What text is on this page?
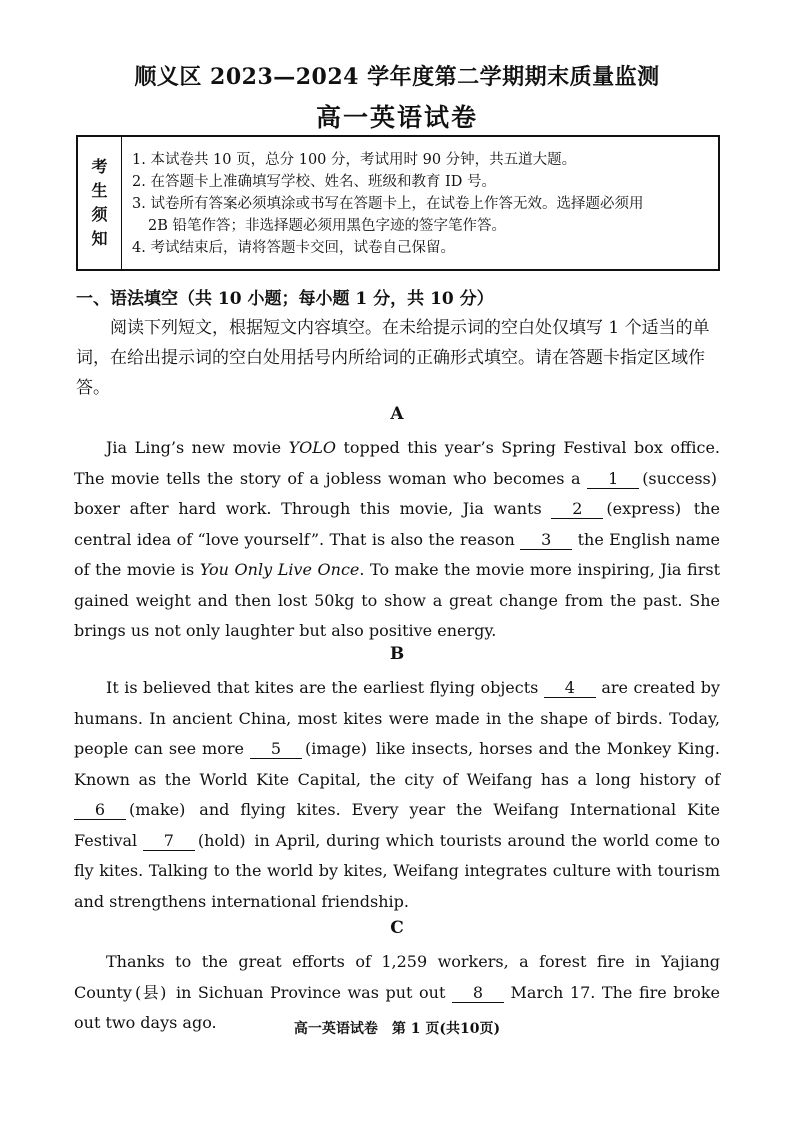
顺义区 2023—2024 学年度第二学期期末质量监测
高一英语试卷
考
生
须
知
1. 本试卷共 10 页，总分 100 分，考试用时 90 分钟，共五道大题。
2. 在答题卡上准确填写学校、姓名、班级和教育 ID 号。
3. 试卷所有答案必须填涂或书写在答题卡上，在试卷上作答无效。选择题必须用
2B 铅笔作答；非选择题必须用黑色字迹的签字笔作答。
4. 考试结束后，请将答题卡交回，试卷自己保留。
一、语法填空（共 10 小题；每小题 1 分，共 10 分）
阅读下列短文，根据短文内容填空。在未给提示词的空白处仅填写 1 个适当的单词，在给出提示词的空白处用括号内所给词的正确形式填空。请在答题卡指定区域作答。
A

Jia Ling’s new movie YOLO topped this year’s Spring Festival box office. The movie tells the story of a jobless woman who becomes a 1 (success) boxer after hard work. Through this movie, Jia wants 2 (express) the central idea of “love yourself”. That is also the reason 3 the English name of the movie is You Only Live Once. To make the movie more inspiring, Jia first gained weight and then lost 50kg to show a great change from the past. She brings us not only laughter but also positive energy.

B

It is believed that kites are the earliest flying objects 4 are created by humans. In ancient China, most kites were made in the shape of birds. Today, people can see more 5 (image) like insects, horses and the Monkey King. Known as the World Kite Capital, the city of Weifang has a long history of 6 (make) and flying kites. Every year the Weifang International Kite Festival 7 (hold) in April, during which tourists around the world come to fly kites. Talking to the world by kites, Weifang integrates culture with tourism and strengthens international friendship.

C

Thanks to the great efforts of 1,259 workers, a forest fire in Yajiang County (县) in Sichuan Province was put out 8 March 17. The fire broke out two days ago.	高一英语试卷　第 1 页(共10页)
